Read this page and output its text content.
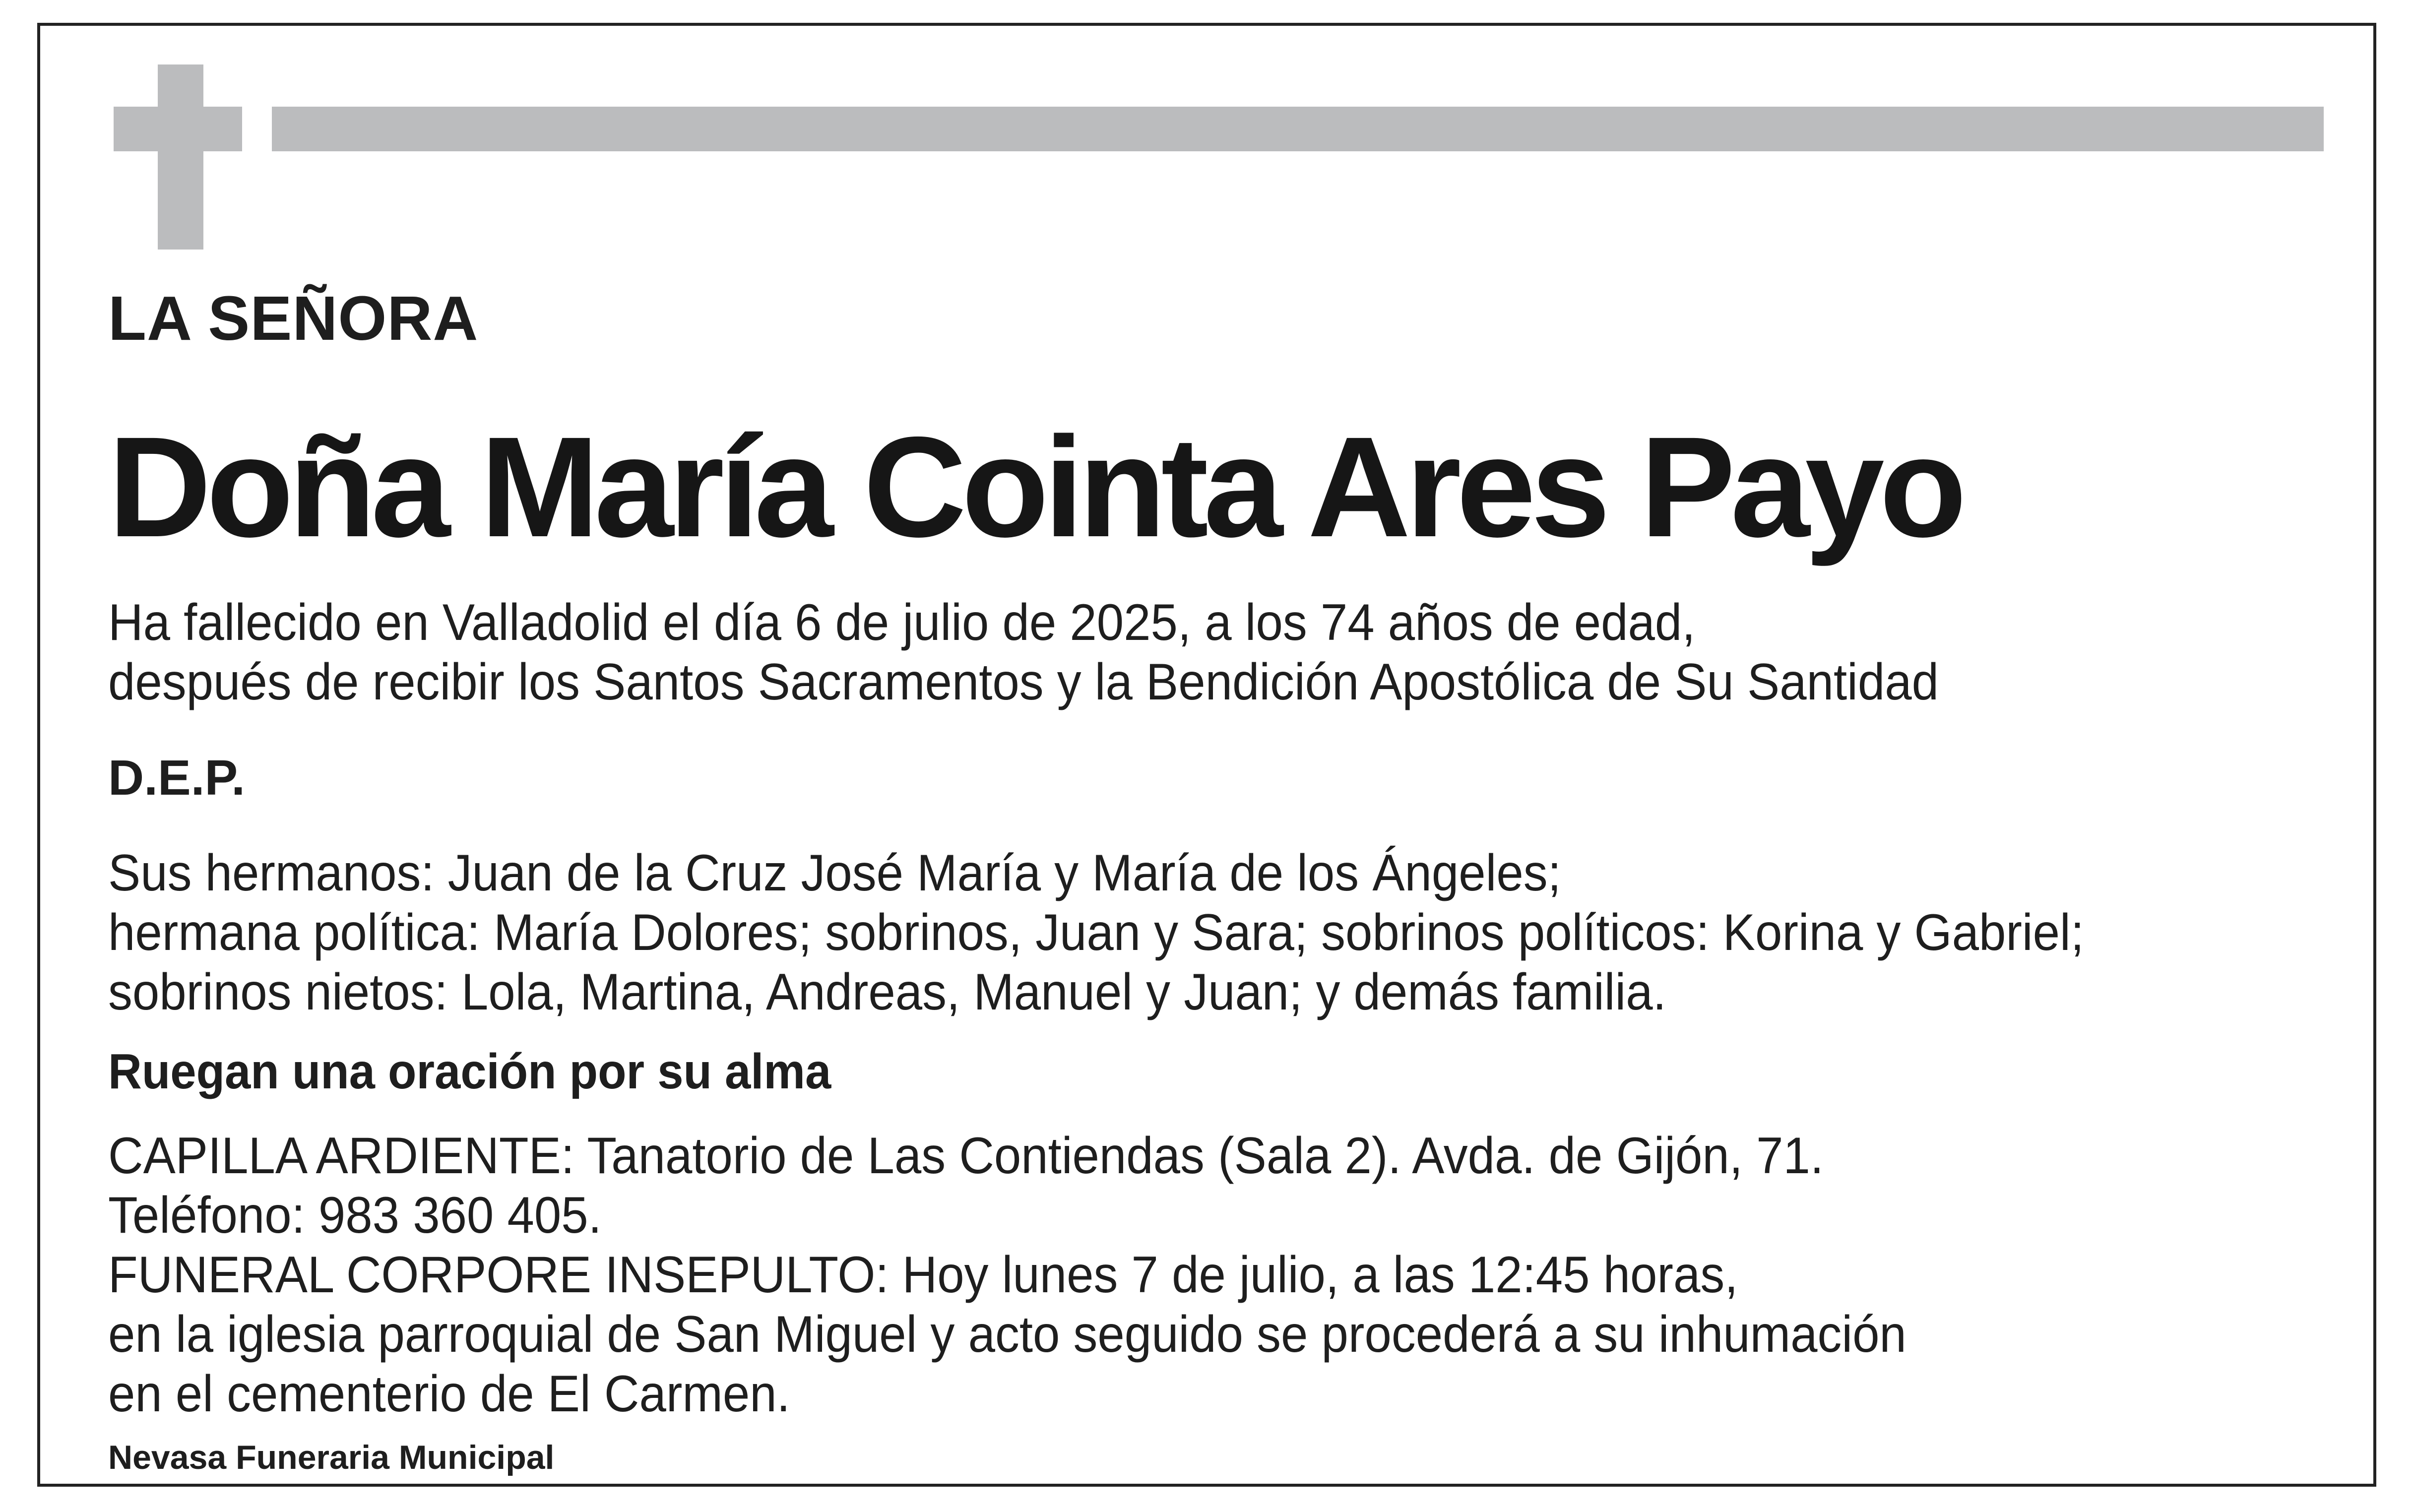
LA SEÑORA

Doña María Cointa Ares Payo

Ha fallecido en Valladolid el día 6 de julio de 2025, a los 74 años de edad,
después de recibir los Santos Sacramentos y la Bendición Apostólica de Su Santidad

D.E.P.

Sus hermanos: Juan de la Cruz José María y María de los Ángeles;
hermana política: María Dolores; sobrinos, Juan y Sara; sobrinos políticos: Korina y Gabriel;
sobrinos nietos: Lola, Martina, Andreas, Manuel y Juan; y demás familia.

Ruegan una oración por su alma

CAPILLA ARDIENTE: Tanatorio de Las Contiendas (Sala 2). Avda. de Gijón, 71.
Teléfono: 983 360 405.
FUNERAL CORPORE INSEPULTO: Hoy lunes 7 de julio, a las 12:45 horas,
en la iglesia parroquial de San Miguel y acto seguido se procederá a su inhumación
en el cementerio de El Carmen.

Nevasa Funeraria Municipal
